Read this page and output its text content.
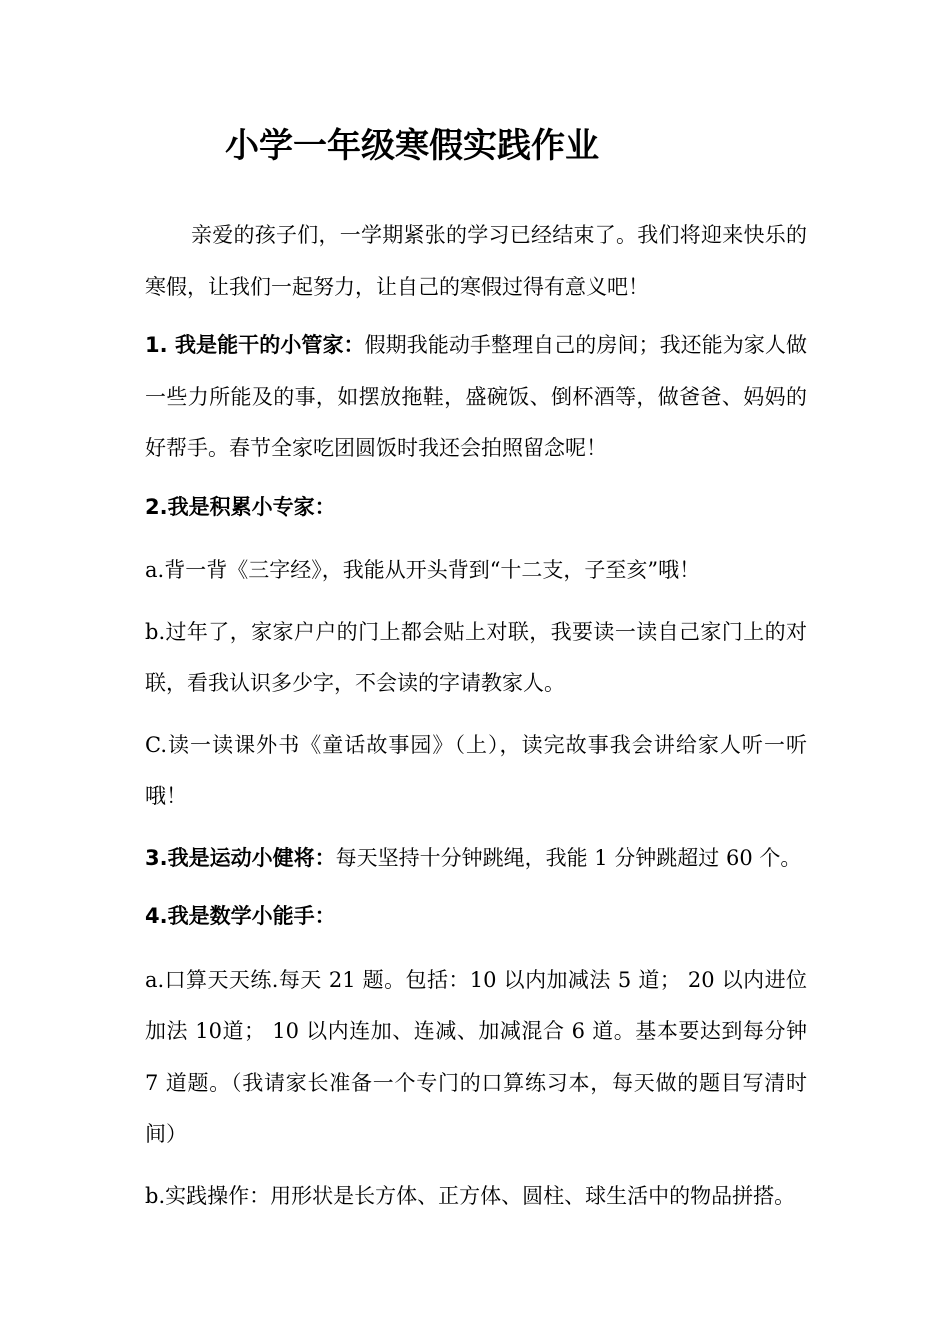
小学一年级寒假实践作业

亲爱的孩子们，一学期紧张的学习已经结束了。我们将迎来快乐的寒假，让我们一起努力，让自己的寒假过得有意义吧！

1. 我是能干的小管家：假期我能动手整理自己的房间；我还能为家人做一些力所能及的事，如摆放拖鞋，盛碗饭、倒杯酒等，做爸爸、妈妈的好帮手。春节全家吃团圆饭时我还会拍照留念呢！

2.我是积累小专家：

a.背一背《三字经》，我能从开头背到“十二支，子至亥”哦！

b.过年了，家家户户的门上都会贴上对联，我要读一读自己家门上的对联，看我认识多少字，不会读的字请教家人。

C.读一读课外书《童话故事园》（上），读完故事我会讲给家人听一听哦！

3.我是运动小健将：每天坚持十分钟跳绳，我能 1 分钟跳超过 60 个。

4.我是数学小能手：

a.口算天天练.每天 21 题。包括：10 以内加减法 5 道； 20 以内进位加法 10道； 10 以内连加、连减、加减混合 6 道。基本要达到每分钟 7 道题。（我请家长准备一个专门的口算练习本，每天做的题目写清时间）

b.实践操作：用形状是长方体、正方体、圆柱、球生活中的物品拼搭。
